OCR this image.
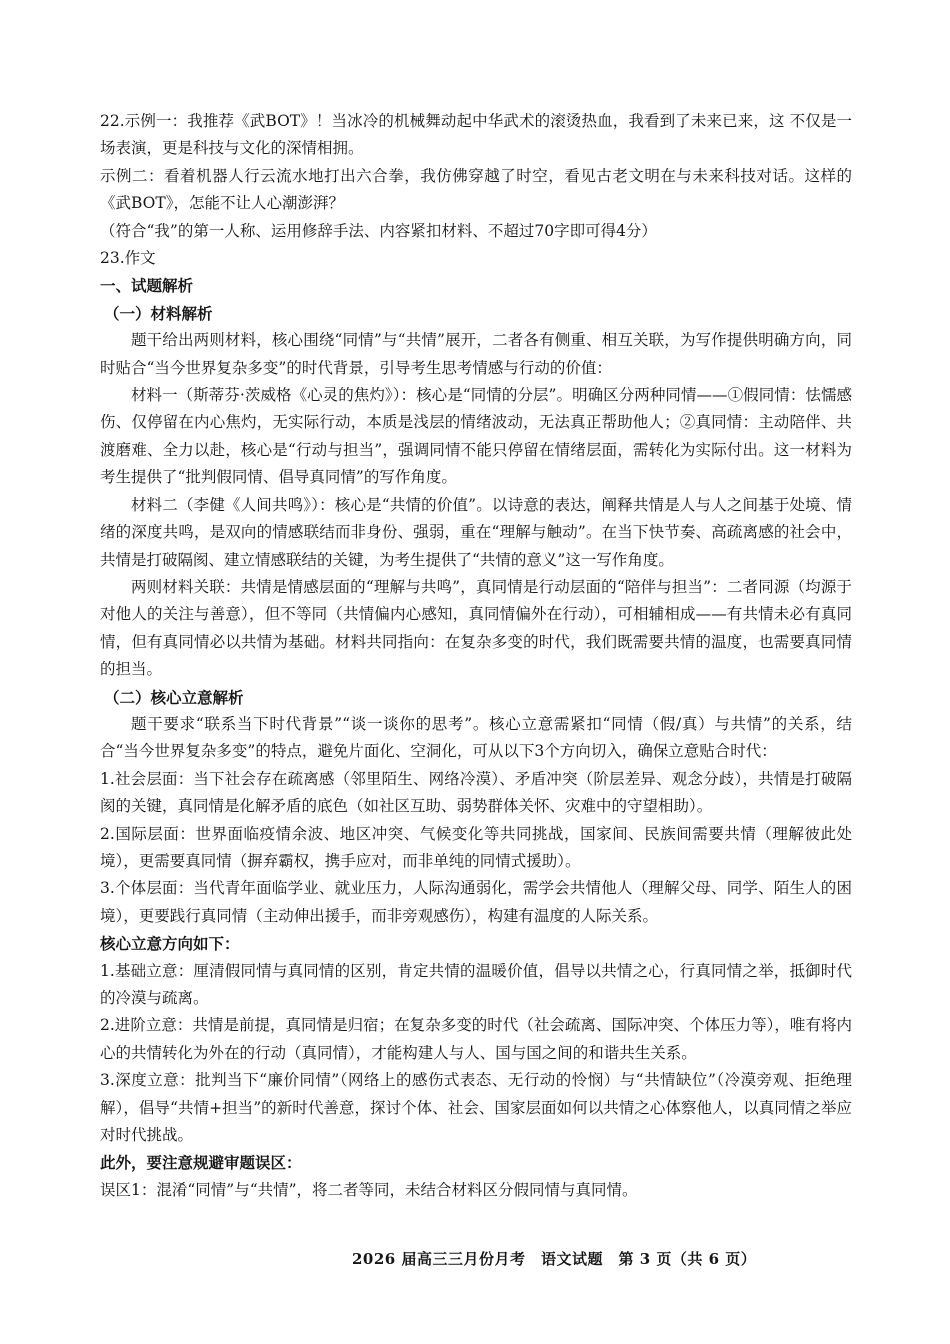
22.示例一：我推荐《武BOT》！当冰冷的机械舞动起中华武术的滚烫热血，我看到了未来已来，这 不仅是一场表演，更是科技与文化的深情相拥。

示例二：看着机器人行云流水地打出六合拳，我仿佛穿越了时空，看见古老文明在与未来科技对话。这样的《武BOT》，怎能不让人心潮澎湃？

（符合“我”的第一人称、运用修辞手法、内容紧扣材料、不超过70字即可得4分）

23.作文

一、试题解析

（一）材料解析

题干给出两则材料，核心围绕“同情”与“共情”展开，二者各有侧重、相互关联，为写作提供明确方向，同时贴合“当今世界复杂多变”的时代背景，引导考生思考情感与行动的价值：

材料一（斯蒂芬·茨威格《心灵的焦灼》）：核心是“同情的分层”。明确区分两种同情——①假同情：怯懦感伤、仅停留在内心焦灼，无实际行动，本质是浅层的情绪波动，无法真正帮助他人；②真同情：主动陪伴、共渡磨难、全力以赴，核心是“行动与担当”，强调同情不能只停留在情绪层面，需转化为实际付出。这一材料为考生提供了“批判假同情、倡导真同情”的写作角度。

材料二（李健《人间共鸣》）：核心是“共情的价值”。以诗意的表达，阐释共情是人与人之间基于处境、情绪的深度共鸣，是双向的情感联结而非身份、强弱，重在“理解与触动”。在当下快节奏、高疏离感的社会中，共情是打破隔阂、建立情感联结的关键，为考生提供了“共情的意义”这一写作角度。

两则材料关联：共情是情感层面的“理解与共鸣”，真同情是行动层面的“陪伴与担当”：二者同源（均源于对他人的关注与善意），但不等同（共情偏内心感知，真同情偏外在行动），可相辅相成——有共情未必有真同情，但有真同情必以共情为基础。材料共同指向：在复杂多变的时代，我们既需要共情的温度，也需要真同情的担当。

（二）核心立意解析

题干要求“联系当下时代背景”“谈一谈你的思考”。核心立意需紧扣“同情（假/真）与共情”的关系，结合“当今世界复杂多变”的特点，避免片面化、空洞化，可从以下3个方向切入，确保立意贴合时代：

1.社会层面：当下社会存在疏离感（邻里陌生、网络冷漠）、矛盾冲突（阶层差异、观念分歧），共情是打破隔阂的关键，真同情是化解矛盾的底色（如社区互助、弱势群体关怀、灾难中的守望相助）。

2.国际层面：世界面临疫情余波、地区冲突、气候变化等共同挑战，国家间、民族间需要共情（理解彼此处境），更需要真同情（摒弃霸权，携手应对，而非单纯的同情式援助）。

3.个体层面：当代青年面临学业、就业压力，人际沟通弱化，需学会共情他人（理解父母、同学、陌生人的困境），更要践行真同情（主动伸出援手，而非旁观感伤），构建有温度的人际关系。

核心立意方向如下：

1.基础立意：厘清假同情与真同情的区别，肯定共情的温暖价值，倡导以共情之心，行真同情之举，抵御时代的冷漠与疏离。

2.进阶立意：共情是前提，真同情是归宿；在复杂多变的时代（社会疏离、国际冲突、个体压力等），唯有将内心的共情转化为外在的行动（真同情），才能构建人与人、国与国之间的和谐共生关系。

3.深度立意：批判当下“廉价同情”（网络上的感伤式表态、无行动的怜悯）与“共情缺位”（冷漠旁观、拒绝理解），倡导“共情+担当”的新时代善意，探讨个体、社会、国家层面如何以共情之心体察他人，以真同情之举应对时代挑战。

此外，要注意规避审题误区：

误区1：混淆“同情”与“共情”，将二者等同，未结合材料区分假同情与真同情。

2026 届高三三月份月考　语文试题　第 3 页（共 6 页）
